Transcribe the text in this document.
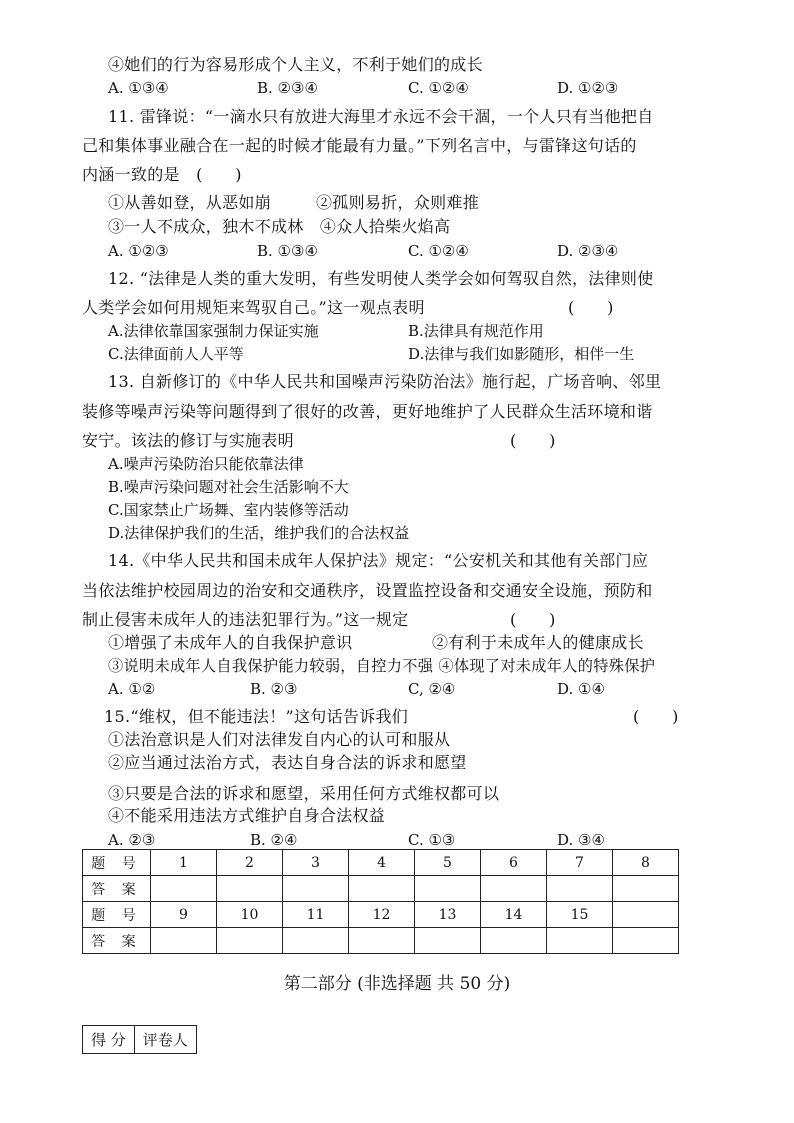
④她们的行为容易形成个人主义，不利于她们的成长
A. ①③④	B. ②③④	C. ①②④	D. ①②③
11. 雷锋说：“一滴水只有放进大海里才永远不会干涸，一个人只有当他把自
己和集体事业融合在一起的时候才能最有力量。”下列名言中，与雷锋这句话的
内涵一致的是　(　　)
①从善如登，从恶如崩	②孤则易折，众则难推
③一人不成众，独木不成林　④众人拾柴火焰高
A. ①②③	B. ①③④	C. ①②④	D. ②③④
12. “法律是人类的重大发明，有些发明使人类学会如何驾驭自然，法律则使
人类学会如何用规矩来驾驭自己。”这一观点表明	(　　)
A.法律依靠国家强制力保证实施	B.法律具有规范作用
C.法律面前人人平等	D.法律与我们如影随形，相伴一生
13. 自新修订的《中华人民共和国噪声污染防治法》施行起，广场音响、邻里
装修等噪声污染等问题得到了很好的改善，更好地维护了人民群众生活环境和谐
安宁。该法的修订与实施表明	(　　)
A.噪声污染防治只能依靠法律
B.噪声污染问题对社会生活影响不大
C.国家禁止广场舞、室内装修等活动
D.法律保护我们的生活，维护我们的合法权益
14.《中华人民共和国未成年人保护法》规定：“公安机关和其他有关部门应
当依法维护校园周边的治安和交通秩序，设置监控设备和交通安全设施，预防和
制止侵害未成年人的违法犯罪行为。”这一规定	(　　)
①增强了未成年人的自我保护意识	②有利于未成年人的健康成长
③说明未成年人自我保护能力较弱，自控力不强 ④体现了对未成年人的特殊保护
A. ①②	B. ②③	C, ②④	D. ①④
15.“维权，但不能违法！”这句话告诉我们	(　　)
①法治意识是人们对法律发自内心的认可和服从
②应当通过法治方式，表达自身合法的诉求和愿望
③只要是合法的诉求和愿望，采用任何方式维权都可以
④不能采用违法方式维护自身合法权益
A. ②③	B. ②④	C. ①③	D. ③④
题 号	1	2	3	4	5	6	7	8
答 案								
题 号	9	10	11	12	13	14	15	
答 案								
第二部分 (非选择题 共 50 分)
得 分	评卷人
